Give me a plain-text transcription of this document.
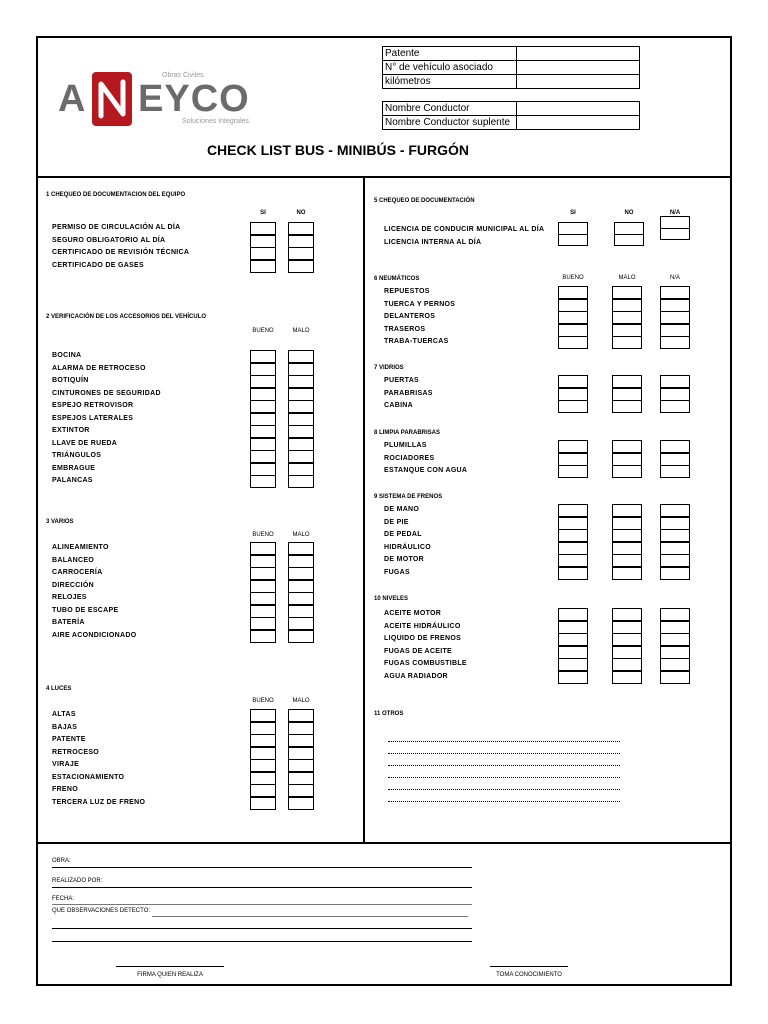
A EYCO
Obras Civiles
Soluciones Integrales
Patente	
N° de vehículo asociado	
kilómetros	
Nombre Conductor	
Nombre Conductor suplente	
CHECK LIST BUS - MINIBÚS - FURGÓN
1 CHEQUEO DE DOCUMENTACION DEL EQUIPO
SI	NO
PERMISO DE CIRCULACIÓN AL DÍA
SEGURO OBLIGATORIO AL DÍA
CERTIFICADO DE REVISIÓN TÉCNICA
CERTIFICADO DE GASES
2 VERIFICACIÓN DE LOS ACCESORIOS DEL VEHÍCULO
BUENO	MALO
BOCINA
ALARMA DE RETROCESO
BOTIQUÍN
CINTURONES DE SEGURIDAD
ESPEJO RETROVISOR
ESPEJOS LATERALES
EXTINTOR
LLAVE DE RUEDA
TRIÁNGULOS
EMBRAGUE
PALANCAS
3 VARIOS
BUENO	MALO
ALINEAMIENTO
BALANCEO
CARROCERÍA
DIRECCIÓN
RELOJES
TUBO DE ESCAPE
BATERÍA
AIRE ACONDICIONADO
4 LUCES
BUENO	MALO
ALTAS
BAJAS
PATENTE
RETROCESO
VIRAJE
ESTACIONAMIENTO
FRENO
TERCERA LUZ DE FRENO
5 CHEQUEO DE DOCUMENTACIÓN
SI	NO	N/A
LICENCIA DE CONDUCIR MUNICIPAL AL DÍA
LICENCIA INTERNA AL DÍA
6 NEUMÁTICOS	BUENO	MALO	N/A
REPUESTOS
TUERCA Y PERNOS
DELANTEROS
TRASEROS
TRABA-TUERCAS
7 VIDRIOS
PUERTAS
PARABRISAS
CABINA
8 LIMPIA PARABRISAS
PLUMILLAS
ROCIADORES
ESTANQUE CON AGUA
9 SISTEMA DE FRENOS
DE MANO
DE PIE
DE PEDAL
HIDRÁULICO
DE MOTOR
FUGAS
10 NIVELES
ACEITE MOTOR
ACEITE HIDRÁULICO
LIQUIDO DE FRENOS
FUGAS DE ACEITE
FUGAS COMBUSTIBLE
AGUA RADIADOR
11 OTROS
OBRA:
REALIZADO POR:
FECHA:
QUE OBSERVACIONES DETECTO:
FIRMA QUIEN REALIZA	TOMA CONOCIMIENTO
